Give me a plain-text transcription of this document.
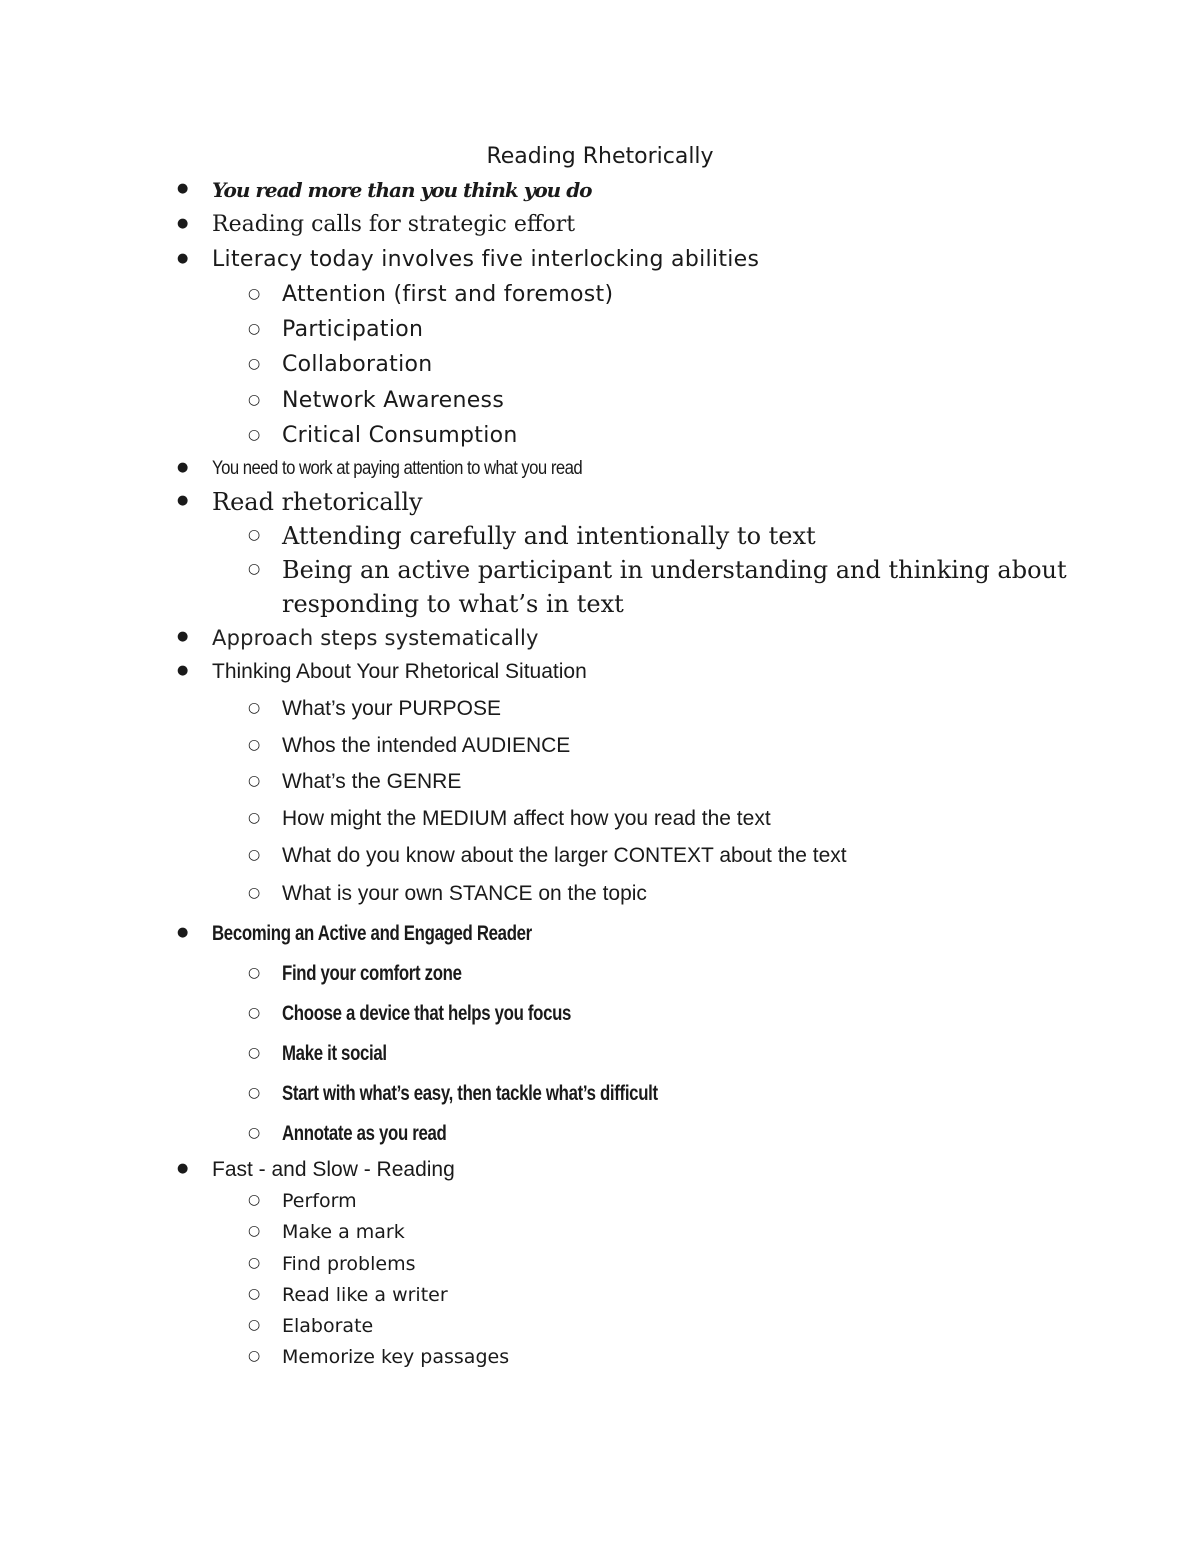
Reading Rhetorically
● You read more than you think you do
● Reading calls for strategic effort
● Literacy today involves five interlocking abilities
○ Attention (first and foremost)
○ Participation
○ Collaboration
○ Network Awareness
○ Critical Consumption
● You need to work at paying attention to what you read
● Read rhetorically
○ Attending carefully and intentionally to text
○ Being an active participant in understanding and thinking about
responding to what’s in text
● Approach steps systematically
● Thinking About Your Rhetorical Situation
○ What’s your PURPOSE
○ Whos the intended AUDIENCE
○ What’s the GENRE
○ How might the MEDIUM affect how you read the text
○ What do you know about the larger CONTEXT about the text
○ What is your own STANCE on the topic
● Becoming an Active and Engaged Reader
○ Find your comfort zone
○ Choose a device that helps you focus
○ Make it social
○ Start with what’s easy, then tackle what’s difficult
○ Annotate as you read
● Fast - and Slow - Reading
○ Perform
○ Make a mark
○ Find problems
○ Read like a writer
○ Elaborate
○ Memorize key passages
